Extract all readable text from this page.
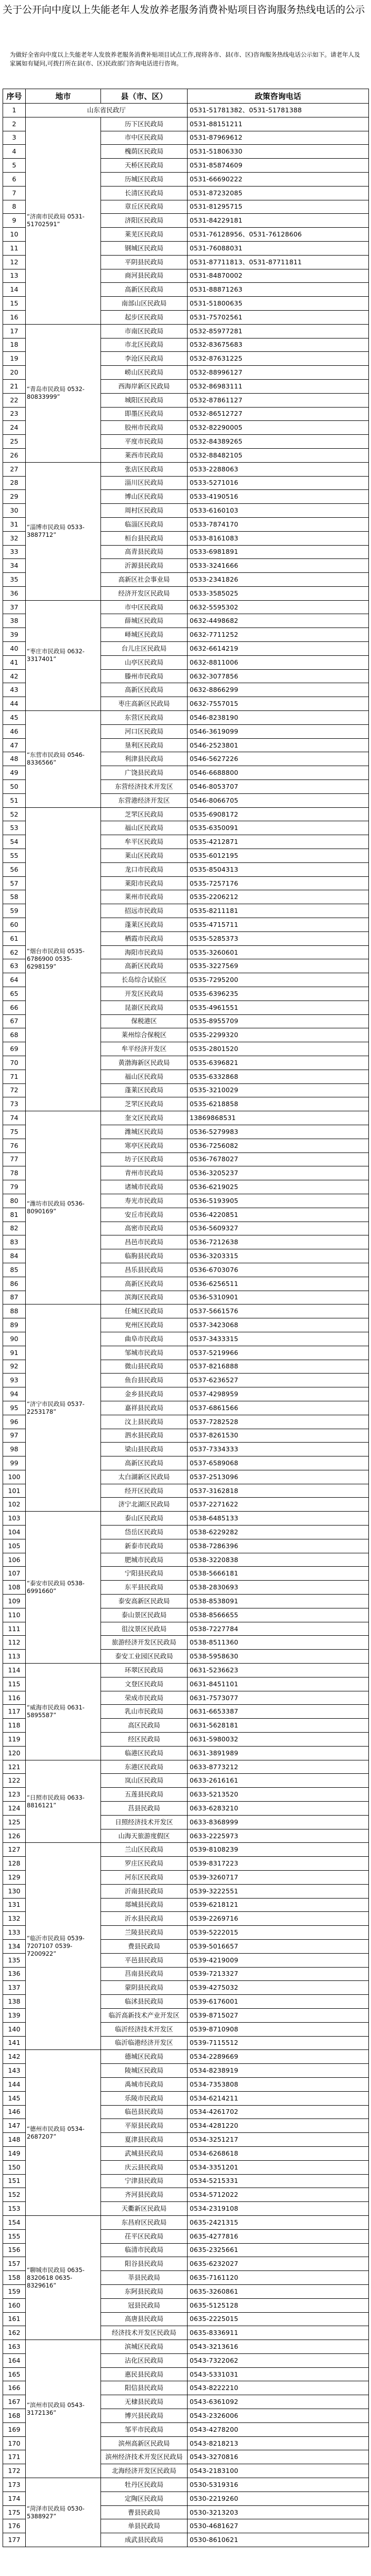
关于公开向中度以上失能老年人发放养老服务消费补贴项目咨询服务热线电话的公示
为做好全省向中度以上失能老年人发放养老服务消费补贴项目试点工作,现将各市、县(市、区)咨询服务热线电话公示如下。请老年人及家属如有疑问,可拨打所在县(市、区)民政部门咨询电话进行咨询。
序号	地市	县（市、区）	政策咨询电话
1	山东省民政厅		0531-51781382、0531-51781388
2	“济南市民政局 0531-51702591”	历下区民政局	0531-88151211
3		市中区民政局	0531-87969612
4		槐荫区民政局	0531-51806330
5		天桥区民政局	0531-85874609
6		历城区民政局	0531-66690222
7		长清区民政局	0531-87232085
8		章丘区民政局	0531-81295715
9		济阳区民政局	0531-84229181
10		莱芜区民政局	0531-76128956、0531-76128606
11		钢城区民政局	0531-76088031
12		平阴县民政局	0531-87711813、0531-87711811
13		商河县民政局	0531-84870002
14		高新区民政局	0531-88871263
15		南部山区民政局	0531-51800635
16		起步区民政局	0531-75702561
17	“青岛市民政局 0532-80833999”	市南区民政局	0532-85977281
18		市北区民政局	0532-83675683
19		李沧区民政局	0532-87631225
20		崂山区民政局	0532-88996127
21		西海岸新区民政局	0532-86983111
22		城阳区民政局	0532-87861127
23		即墨区民政局	0532-86512727
24		胶州市民政局	0532-82290005
25		平度市民政局	0532-84389265
26		莱西市民政局	0532-88482105
27	“淄博市民政局 0533-3887712”	张店区民政局	0533-2288063
28		淄川区民政局	0533-5271016
29		博山区民政局	0533-4190516
30		周村区民政局	0533-6160103
31		临淄区民政局	0533-7874170
32		桓台县民政局	0533-8161083
33		高青县民政局	0533-6981891
34		沂源县民政局	0533-3241666
35		高新区社会事业局	0533-2341826
36		经济开发区民政局	0533-3585025
37	“枣庄市民政局 0632-3317401”	市中区民政局	0632-5595302
38		薛城区民政局	0632-4498682
39		峄城区民政局	0632-7711252
40		台儿庄区民政局	0632-6614219
41		山亭区民政局	0632-8811006
42		滕州市民政局	0632-3077856
43		高新区民政局	0632-8866299
44		枣庄高新区民政局	0632-7557015
45	“东营市民政局 0546-8336566”	东营区民政局	0546-8238190
46		河口区民政局	0546-3619099
47		垦利区民政局	0546-2523801
48		利津县民政局	0546-5627226
49		广饶县民政局	0546-6688800
50		东营经济技术开发区	0546-8053707
51		东营港经济开发区	0546-8066705
52	“烟台市民政局 0535-6786900 0535-6298159”	芝罘区民政局	0535-6908172
53		福山区民政局	0535-6350091
54		牟平区民政局	0535-4212871
55		莱山区民政局	0535-6012195
56		龙口市民政局	0535-8504313
57		莱阳市民政局	0535-7257176
58		莱州市民政局	0535-2206212
59		招远市民政局	0535-8211181
60		蓬莱区民政局	0535-4715711
61		栖霞市民政局	0535-5285373
62		海阳市民政局	0535-3260601
63		高新区民政局	0535-3227569
64		长岛综合试验区	0535-7295200
65		开发区民政局	0535-6396235
66		昆嵛区民政局	0535-4961551
67		保税港区	0535-8955709
68		莱州综合保税区	0535-2299320
69		牟平经济开发区	0535-2801520
70		黄渤海新区民政局	0535-6396821
71		福山区民政局	0535-6332868
72		蓬莱区民政局	0535-3210029
73		芝罘区民政局	0535-6218858
74	“潍坊市民政局 0536-8090169”	奎文区民政局	13869868531
75		潍城区民政局	0536-5279983
76		寒亭区民政局	0536-7256082
77		坊子区民政局	0536-7678027
78		青州市民政局	0536-3205237
79		诸城市民政局	0536-6219025
80		寿光市民政局	0536-5193905
81		安丘市民政局	0536-4220851
82		高密市民政局	0536-5609327
83		昌邑市民政局	0536-7212638
84		临朐县民政局	0536-3203315
85		昌乐县民政局	0536-6703076
86		高新区民政局	0536-6256511
87		滨海区民政局	0536-5310901
88	“济宁市民政局 0537-2253178”	任城区民政局	0537-5661576
89		兖州区民政局	0537-3423068
90		曲阜市民政局	0537-3433315
91		邹城市民政局	0537-5219966
92		微山县民政局	0537-8216888
93		鱼台县民政局	0537-6236527
94		金乡县民政局	0537-4298959
95		嘉祥县民政局	0537-6861566
96		汶上县民政局	0537-7282528
97		泗水县民政局	0537-8261530
98		梁山县民政局	0537-7334333
99		高新区民政局	0537-6589068
100		太白湖新区民政局	0537-2513096
101		经开区民政局	0537-3162818
102		济宁北湖区民政局	0537-2271622
103	“泰安市民政局 0538-6991660”	泰山区民政局	0538-6485133
104		岱岳区民政局	0538-6229282
105		新泰市民政局	0538-7286396
106		肥城市民政局	0538-3220838
107		宁阳县民政局	0538-5666181
108		东平县民政局	0538-2830693
109		泰安高新区民政局	0538-8538091
110		泰山景区民政局	0538-8566655
111		徂汶景区民政局	0538-7227784
112		旅游经济开发区民政局	0538-8511360
113		泰安工业园区民政局	0538-5958630
114	“威海市民政局 0631-5895587”	环翠区民政局	0631-5236623
115		文登区民政局	0631-8451101
116		荣成市民政局	0631-7573077
117		乳山市民政局	0631-6653387
118		高区民政局	0631-5628181
119		经区民政局	0631-5980032
120		临港区民政局	0631-3891989
121	“日照市民政局 0633-8816121”	东港区民政局	0633-8773212
122		岚山区民政局	0633-2616161
123		五莲县民政局	0633-5213520
124		莒县民政局	0633-6283210
125		日照经济技术开发区	0633-8368999
126		山海天旅游度假区	0633-2225973
127	“临沂市民政局 0539-7207107 0539-7200922”	兰山区民政局	0539-8108239
128		罗庄区民政局	0539-8317223
129		河东区民政局	0539-3260717
130		沂南县民政局	0539-3222551
131		郯城县民政局	0539-6218121
132		沂水县民政局	0539-2269716
133		兰陵县民政局	0539-5222015
134		费县民政局	0539-5016657
135		平邑县民政局	0539-4219009
136		莒南县民政局	0539-7213327
137		蒙阴县民政局	0539-4275032
138		临沭县民政局	0539-6176001
139		临沂高新技术产业开发区	0539-8715027
140		临沂经济技术开发区	0539-8710908
141		临沂临港经济开发区	0539-7115512
142	“德州市民政局 0534-2687207”	德城区民政局	0534-2289669
143		陵城区民政局	0534-8238919
144		禹城市民政局	0534-7353808
145		乐陵市民政局	0534-6214211
146		临邑县民政局	0534-4261702
147		平原县民政局	0534-4281220
148		夏津县民政局	0534-3251217
149		武城县民政局	0534-6268618
150		庆云县民政局	0534-3351201
151		宁津县民政局	0534-5215331
152		齐河县民政局	0534-5712022
153		天衢新区民政局	0534-2319108
154	“聊城市民政局 0635-8320618 0635-8329616”	东昌府区民政局	0635-2421315
155		茌平区民政局	0635-4277816
156		临清市民政局	0635-2325661
157		阳谷县民政局	0635-6232027
158		莘县民政局	0635-7161120
159		东阿县民政局	0635-3260861
160		冠县民政局	0635-5125128
161		高唐县民政局	0635-2225015
162		经济技术开发区民政局	0635-8336911
163	“滨州市民政局 0543-3172136”	滨城区民政局	0543-3213616
164		沾化区民政局	0543-7322062
165		惠民县民政局	0543-5331031
166		阳信县民政局	0543-8222210
167		无棣县民政局	0543-6361092
168		博兴县民政局	0543-2326006
169		邹平市民政局	0543-4278200
170		滨州高新区民政局	0543-8218213
171		滨州经济技术开发区民政局	0543-3270816
172		北海经济开发区民政局	0543-2183100
173	“菏泽市民政局 0530-5388927”	牡丹区民政局	0530-5319316
174		定陶区民政局	0530-2219260
175		曹县民政局	0530-3213203
176		单县民政局	0530-4681627
177		成武县民政局	0530-8610621
